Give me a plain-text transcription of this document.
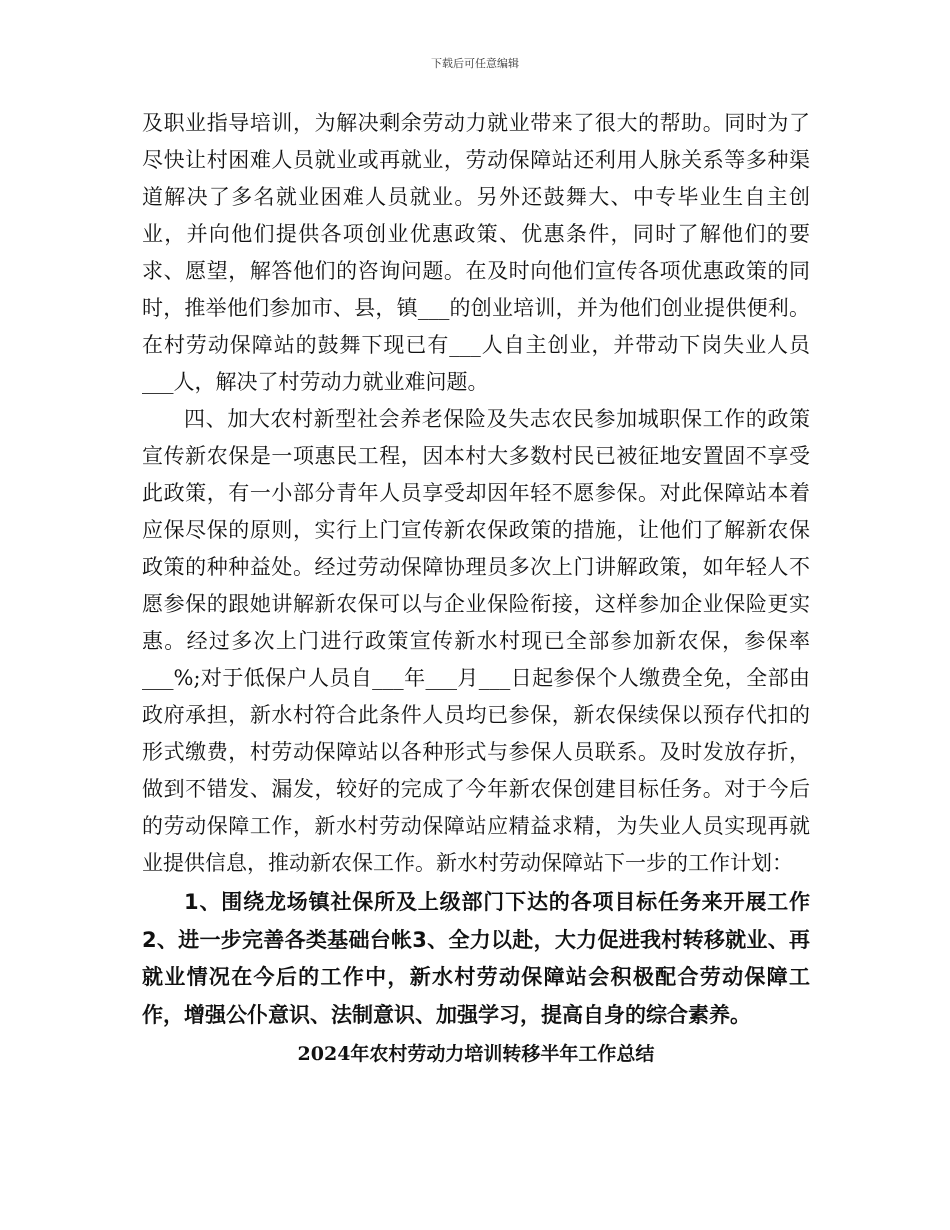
下载后可任意编辑

及职业指导培训，为解决剩余劳动力就业带来了很大的帮助。同时为了尽快让村困难人员就业或再就业，劳动保障站还利用人脉关系等多种渠道解决了多名就业困难人员就业。另外还鼓舞大、中专毕业生自主创业，并向他们提供各项创业优惠政策、优惠条件，同时了解他们的要求、愿望，解答他们的咨询问题。在及时向他们宣传各项优惠政策的同时，推举他们参加市、县，镇___的创业培训，并为他们创业提供便利。在村劳动保障站的鼓舞下现已有___人自主创业，并带动下岗失业人员___人，解决了村劳动力就业难问题。

四、加大农村新型社会养老保险及失志农民参加城职保工作的政策宣传新农保是一项惠民工程，因本村大多数村民已被征地安置固不享受此政策，有一小部分青年人员享受却因年轻不愿参保。对此保障站本着应保尽保的原则，实行上门宣传新农保政策的措施，让他们了解新农保政策的种种益处。经过劳动保障协理员多次上门讲解政策，如年轻人不愿参保的跟她讲解新农保可以与企业保险衔接，这样参加企业保险更实惠。经过多次上门进行政策宣传新水村现已全部参加新农保，参保率___%;对于低保户人员自___年___月___日起参保个人缴费全免，全部由政府承担，新水村符合此条件人员均已参保，新农保续保以预存代扣的形式缴费，村劳动保障站以各种形式与参保人员联系。及时发放存折，做到不错发、漏发，较好的完成了今年新农保创建目标任务。对于今后的劳动保障工作，新水村劳动保障站应精益求精，为失业人员实现再就业提供信息，推动新农保工作。新水村劳动保障站下一步的工作计划：

1、围绕龙场镇社保所及上级部门下达的各项目标任务来开展工作2、进一步完善各类基础台帐3、全力以赴，大力促进我村转移就业、再就业情况在今后的工作中，新水村劳动保障站会积极配合劳动保障工作，增强公仆意识、法制意识、加强学习，提高自身的综合素养。

2024年农村劳动力培训转移半年工作总结
